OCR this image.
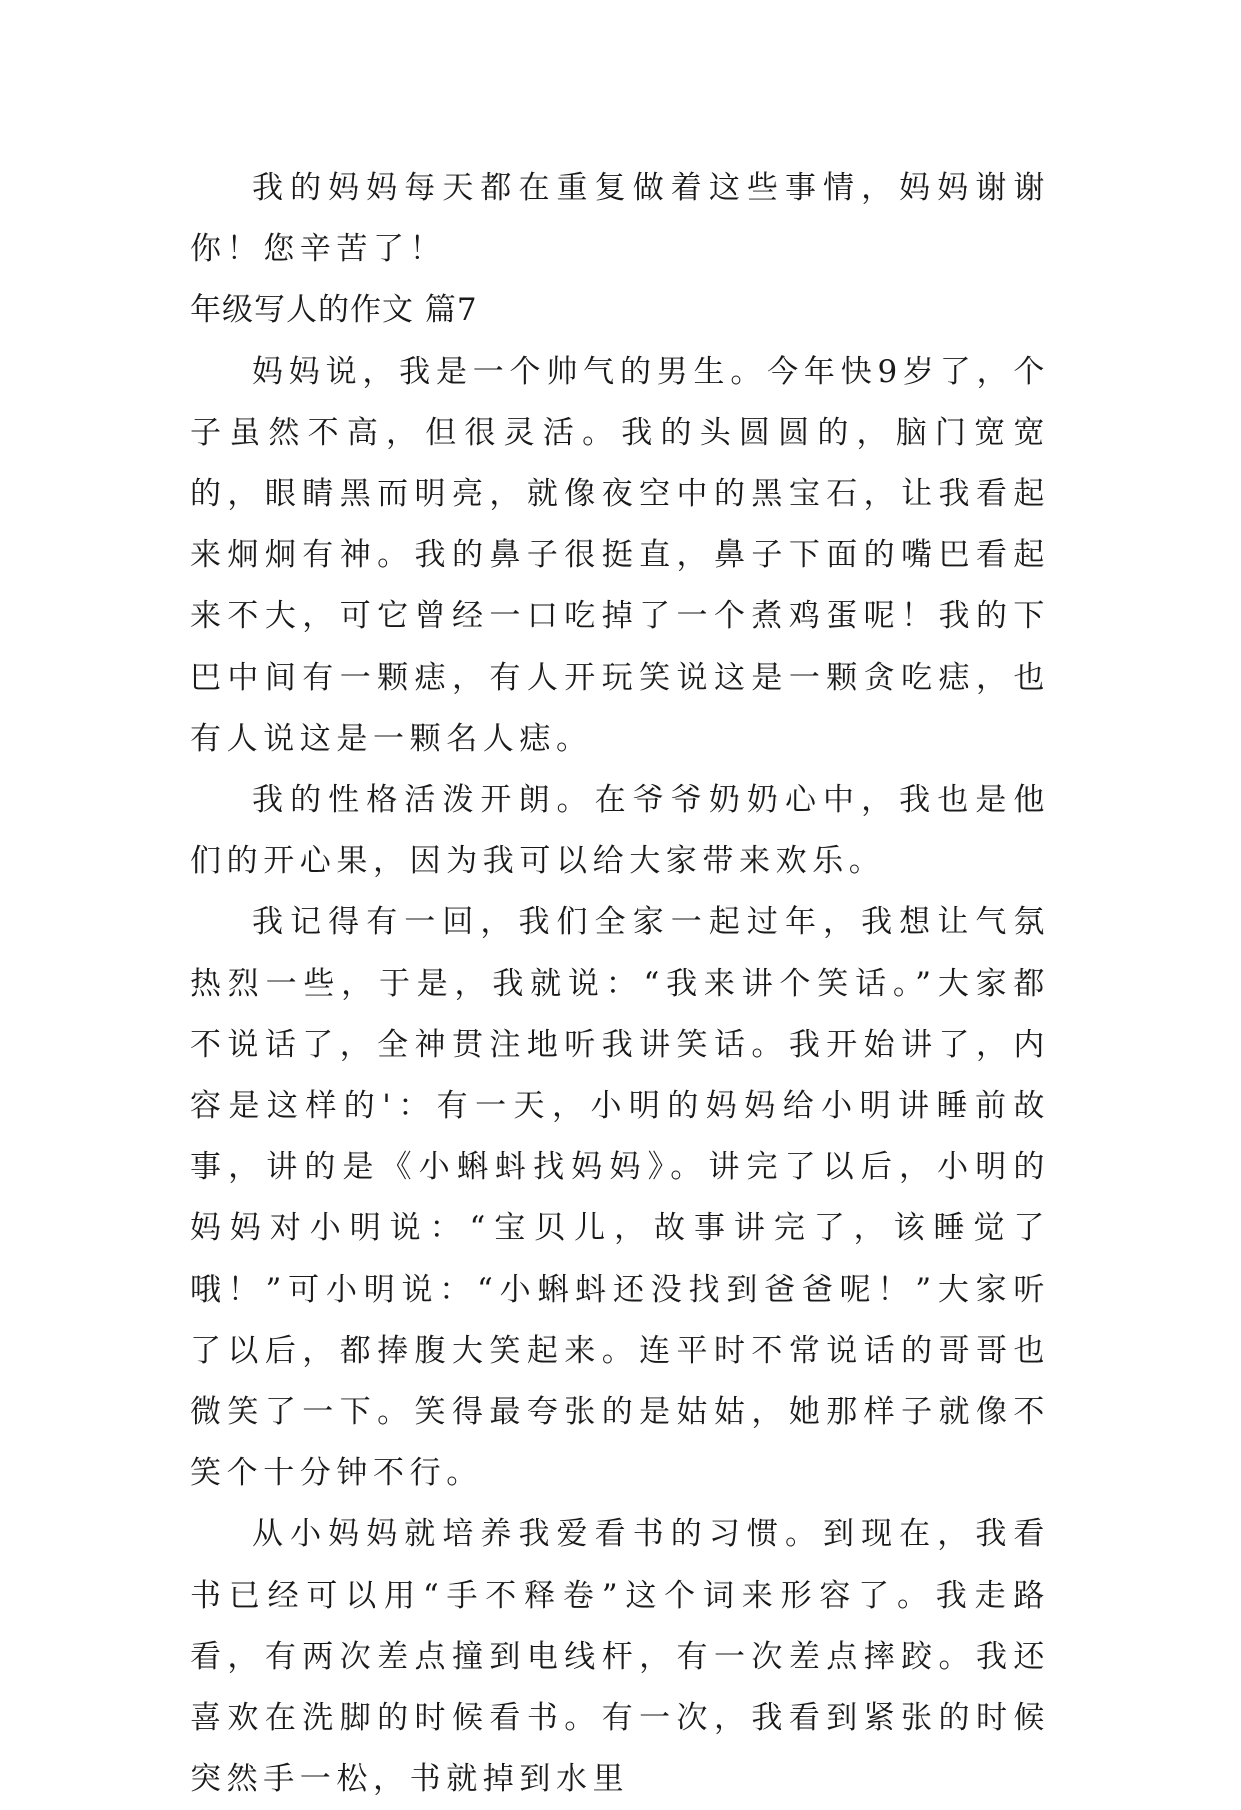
我的妈妈每天都在重复做着这些事情，妈妈谢谢你！您辛苦了！

年级写人的作文 篇7

妈妈说，我是一个帅气的男生。今年快9岁了，个子虽然不高，但很灵活。我的头圆圆的，脑门宽宽的，眼睛黑而明亮，就像夜空中的黑宝石，让我看起来炯炯有神。我的鼻子很挺直，鼻子下面的嘴巴看起来不大，可它曾经一口吃掉了一个煮鸡蛋呢！我的下巴中间有一颗痣，有人开玩笑说这是一颗贪吃痣，也有人说这是一颗名人痣。

我的性格活泼开朗。在爷爷奶奶心中，我也是他们的开心果，因为我可以给大家带来欢乐。

我记得有一回，我们全家一起过年，我想让气氛热烈一些，于是，我就说：“我来讲个笑话。”大家都不说话了，全神贯注地听我讲笑话。我开始讲了，内容是这样的'：有一天，小明的妈妈给小明讲睡前故事，讲的是《小蝌蚪找妈妈》。讲完了以后，小明的妈妈对小明说：“宝贝儿，故事讲完了，该睡觉了哦！”可小明说：“小蝌蚪还没找到爸爸呢！”大家听了以后，都捧腹大笑起来。连平时不常说话的哥哥也微笑了一下。笑得最夸张的是姑姑，她那样子就像不笑个十分钟不行。

从小妈妈就培养我爱看书的习惯。到现在，我看书已经可以用“手不释卷”这个词来形容了。我走路看，有两次差点撞到电线杆，有一次差点摔跤。我还喜欢在洗脚的时候看书。有一次，我看到紧张的时候突然手一松，书就掉到水里
